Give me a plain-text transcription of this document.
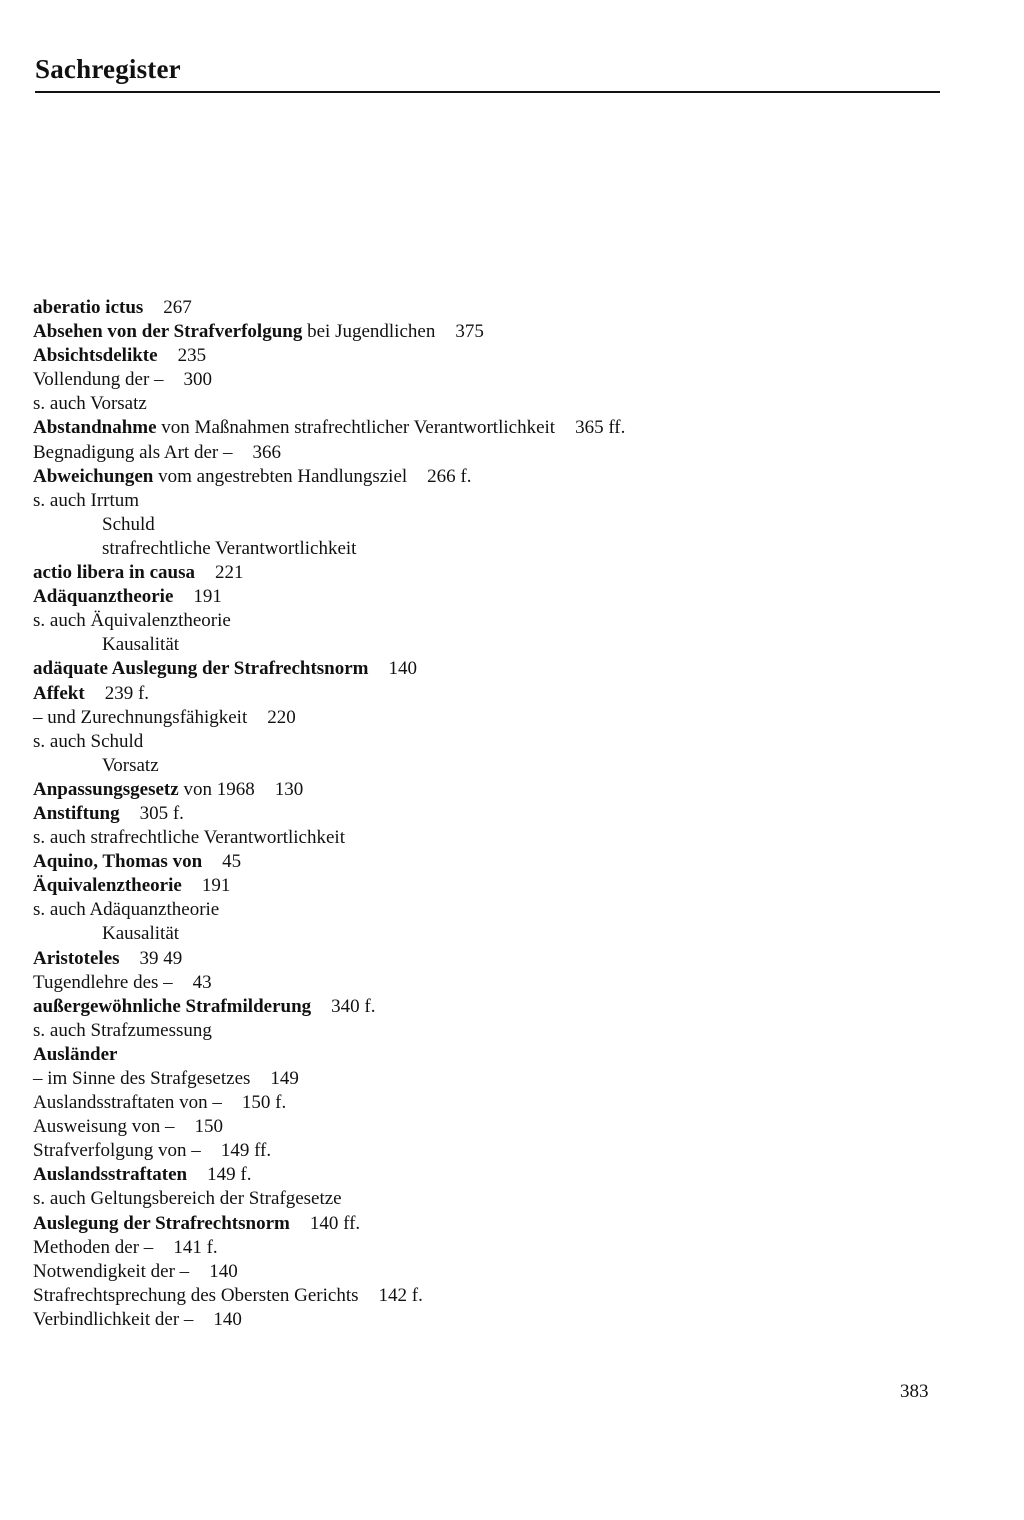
Sachregister
aberatio ictus 267
Absehen von der Strafverfolgung bei Jugendlichen 375
Absichtsdelikte 235
Vollendung der – 300
s. auch Vorsatz
Abstandnahme von Maßnahmen strafrechtlicher Verantwortlichkeit 365 ff.
Begnadigung als Art der – 366
Abweichungen vom angestrebten Handlungsziel 266 f.
s. auch Irrtum
Schuld
strafrechtliche Verantwortlichkeit
actio libera in causa 221
Adäquanztheorie 191
s. auch Äquivalenztheorie
Kausalität
adäquate Auslegung der Strafrechtsnorm 140
Affekt 239 f.
– und Zurechnungsfähigkeit 220
s. auch Schuld
Vorsatz
Anpassungsgesetz von 1968 130
Anstiftung 305 f.
s. auch strafrechtliche Verantwortlichkeit
Aquino, Thomas von 45
Äquivalenztheorie 191
s. auch Adäquanztheorie
Kausalität
Aristoteles 39 49
Tugendlehre des – 43
außergewöhnliche Strafmilderung 340 f.
s. auch Strafzumessung
Ausländer
– im Sinne des Strafgesetzes 149
Auslandsstraftaten von – 150 f.
Ausweisung von – 150
Strafverfolgung von – 149 ff.
Auslandsstraftaten 149 f.
s. auch Geltungsbereich der Strafgesetze
Auslegung der Strafrechtsnorm 140 ff.
Methoden der – 141 f.
Notwendigkeit der – 140
Strafrechtsprechung des Obersten Gerichts 142 f.
Verbindlichkeit der – 140
383
